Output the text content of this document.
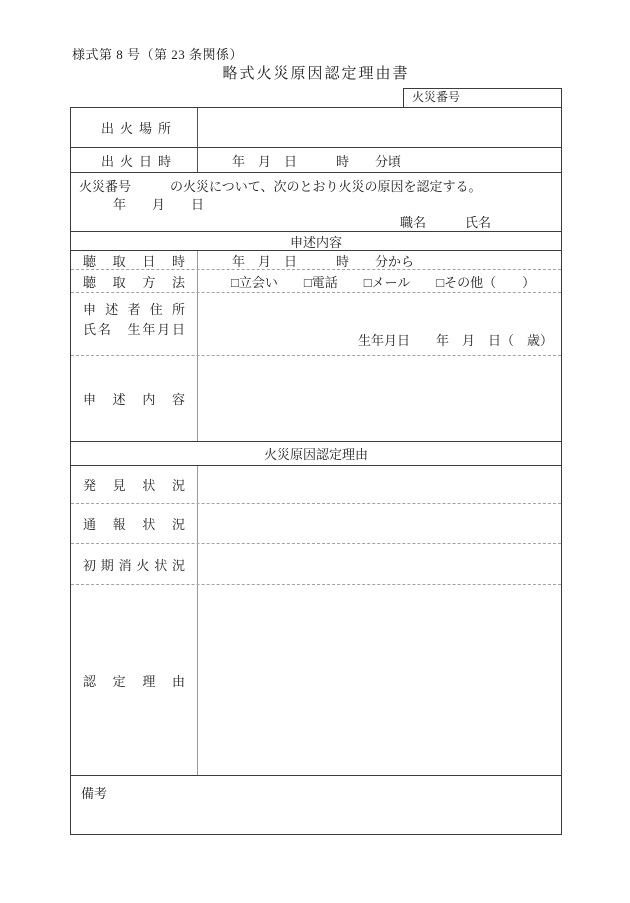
様式第 8 号（第 23 条関係）
略式火災原因認定理由書
火災番号
出火場所
出火日時	年　月　日　　　時　　分頃
火災番号　　　の火災について、次のとおり火災の原因を認定する。
年　　月　　日
職名　　　氏名
申述内容
聴取日時	年　月　日　　　時　　分から
聴取方法	□立会い　　□電話　　□メール　　□その他（　　）
申述者住所
氏名　生年月日
生年月日　　年　月　日（　歳）
申述内容
火災原因認定理由
発見状況
通報状況
初期消火状況
認定理由
備考
